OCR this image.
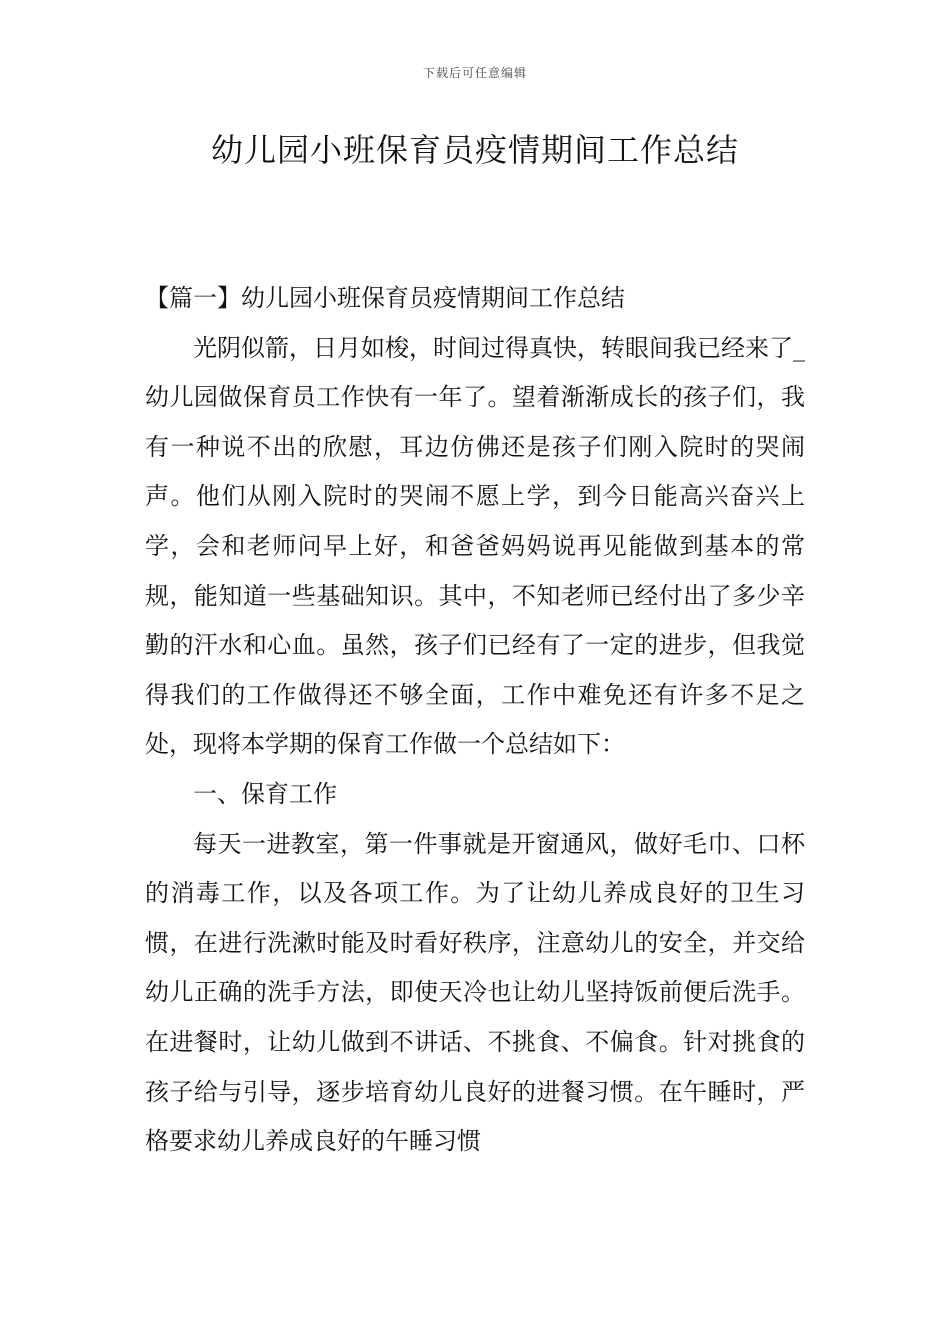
下载后可任意编辑
幼儿园小班保育员疫情期间工作总结

【篇一】幼儿园小班保育员疫情期间工作总结

光阴似箭，日月如梭，时间过得真快，转眼间我已经来了_幼儿园做保育员工作快有一年了。望着渐渐成长的孩子们，我有一种说不出的欣慰，耳边仿佛还是孩子们刚入院时的哭闹声。他们从刚入院时的哭闹不愿上学，到今日能高兴奋兴上学，会和老师问早上好，和爸爸妈妈说再见能做到基本的常规，能知道一些基础知识。其中，不知老师已经付出了多少辛勤的汗水和心血。虽然，孩子们已经有了一定的进步，但我觉得我们的工作做得还不够全面，工作中难免还有许多不足之处，现将本学期的保育工作做一个总结如下：

一、保育工作

每天一进教室，第一件事就是开窗通风，做好毛巾、口杯的消毒工作，以及各项工作。为了让幼儿养成良好的卫生习惯，在进行洗漱时能及时看好秩序，注意幼儿的安全，并交给幼儿正确的洗手方法，即使天冷也让幼儿坚持饭前便后洗手。在进餐时，让幼儿做到不讲话、不挑食、不偏食。针对挑食的孩子给与引导，逐步培育幼儿良好的进餐习惯。在午睡时，严格要求幼儿养成良好的午睡习惯
